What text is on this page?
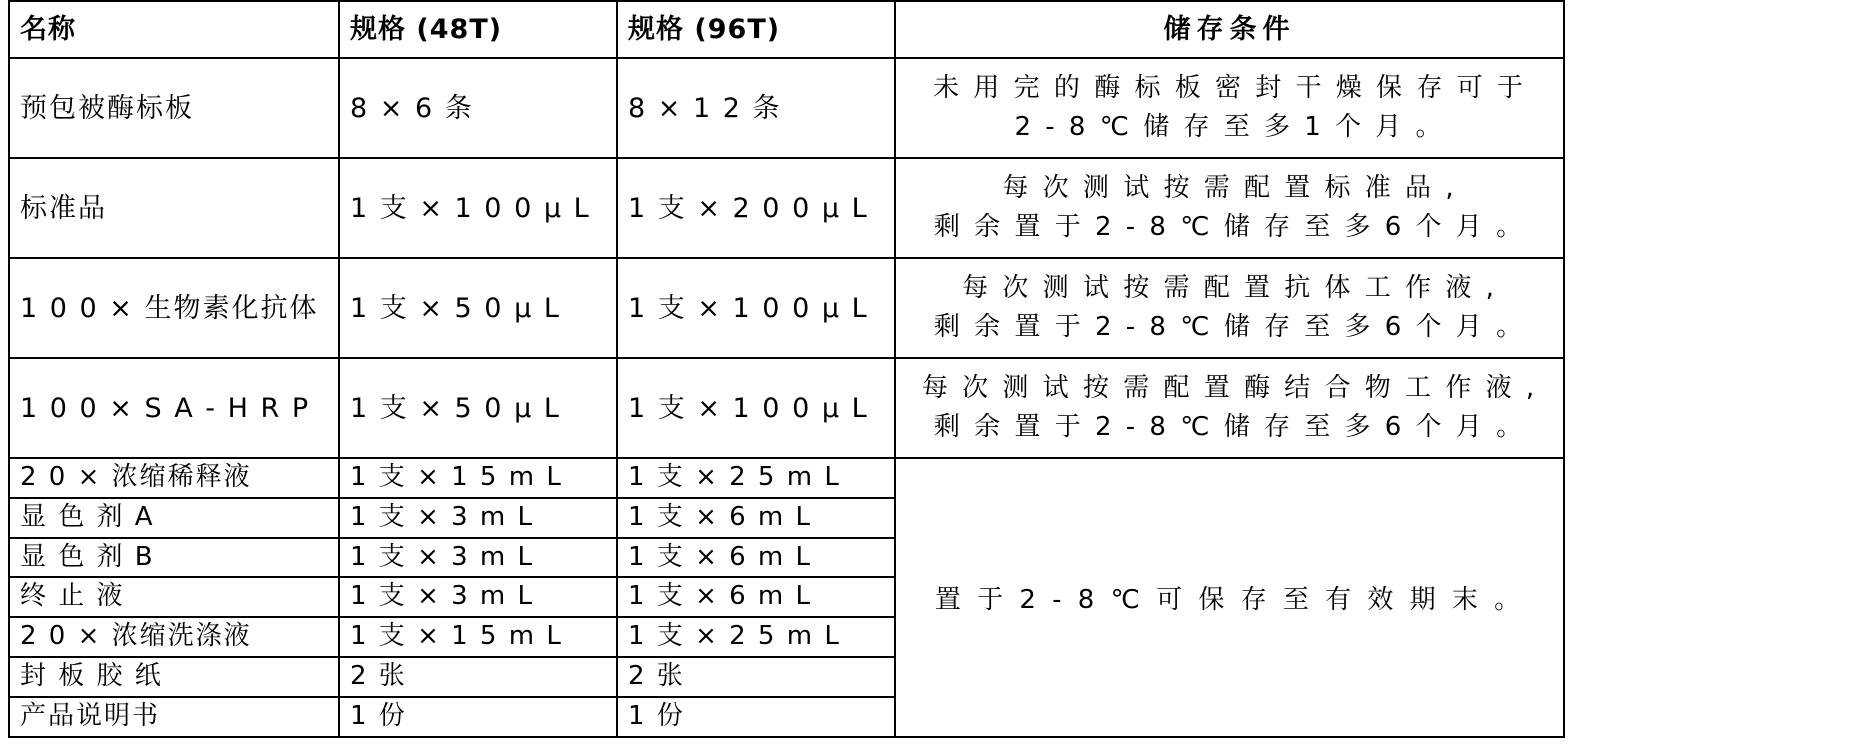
名称	规格 (48T)	规格 (96T)	储存条件

预包被酶标板	8 × 6 条	8 × 1 2 条	未 用 完 的 酶 标 板 密 封 干 燥 保 存 可 于
2 - 8 ℃ 储 存 至 多 1 个 月 。

标准品	1 支 × 1 0 0 μ L	1 支 × 2 0 0 μ L	每 次 测 试 按 需 配 置 标 准 品 ,
剩 余 置 于 2 - 8 ℃ 储 存 至 多 6 个 月 。

1 0 0 × 生物素化抗体	1 支 × 5 0 μ L	1 支 × 1 0 0 μ L	每 次 测 试 按 需 配 置 抗 体 工 作 液 ,
剩 余 置 于 2 - 8 ℃ 储 存 至 多 6 个 月 。

1 0 0 × S A - H R P	1 支 × 5 0 μ L	1 支 × 1 0 0 μ L	每 次 测 试 按 需 配 置 酶 结 合 物 工 作 液 ,
剩 余 置 于 2 - 8 ℃ 储 存 至 多 6 个 月 。

2 0 × 浓缩稀释液	1 支 × 1 5 m L	1 支 × 2 5 m L	置 于 2 - 8 ℃ 可 保 存 至 有 效 期 末 。

显 色 剂 A	1 支 × 3 m L	1 支 × 6 m L	

显 色 剂 B	1 支 × 3 m L	1 支 × 6 m L	

终 止 液	1 支 × 3 m L	1 支 × 6 m L	

2 0 × 浓缩洗涤液	1 支 × 1 5 m L	1 支 × 2 5 m L	

封 板 胶 纸	2 张	2 张	

产品说明书	1 份	1 份	
